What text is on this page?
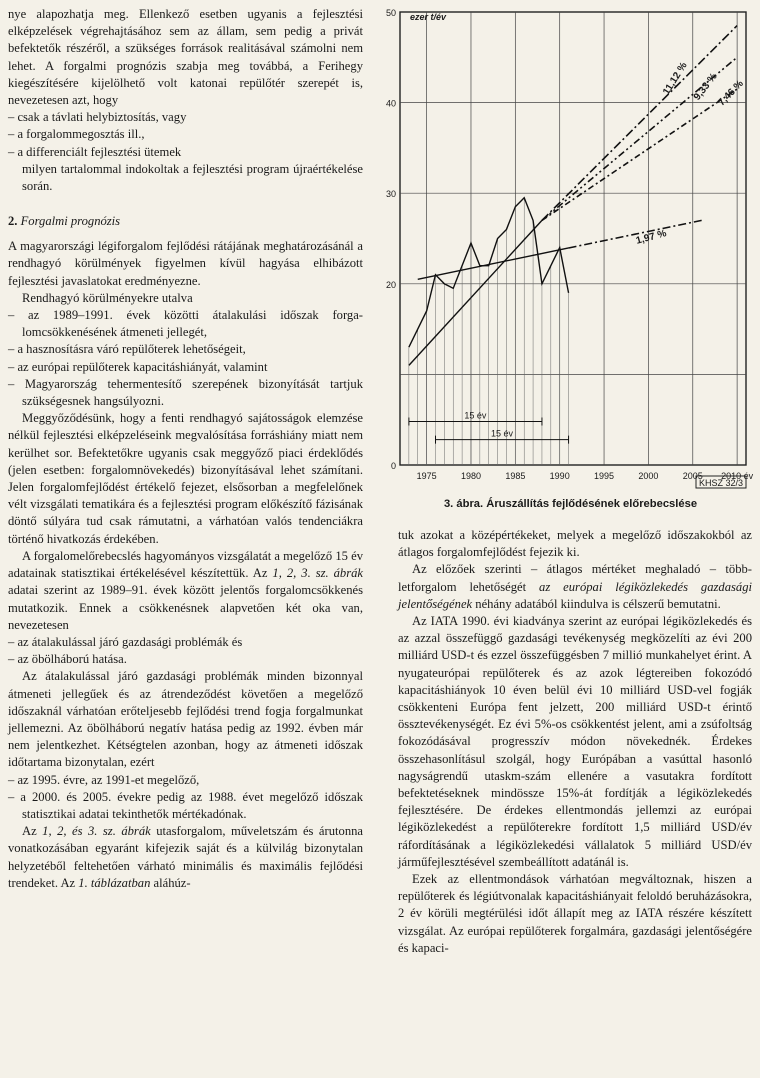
nye alapozhatja meg. Ellenkező esetben ugyanis a fejlesztési elképzelések végrehajtásához sem az állam, sem pedig a privát befektetők részéről, a szükséges források realitásával számolni nem lehet. A forgalmi prognózis szabja meg továbbá, a Ferihegy kiegészítésére kijelölhető volt katonai repülőtér szerepét is, nevezetesen azt, hogy

– csak a távlati helybiztosítás, vagy

– a forgalommegosztás ill.,

– a differenciált fejlesztési ütemek

milyen tartalommal indokoltak a fejlesztési program újraértékelése során.

2. Forgalmi prognózis

A magyarországi légiforgalom fejlődési rátájának meghatározásánál a rendhagyó körülmények figyelmen kívül hagyása elhibázott fejlesztési javaslatokat eredményezne.

Rendhagyó körülményekre utalva

– az 1989–1991. évek közötti átalakulási időszak forgalomcsökkenésének átmeneti jellegét,

– a hasznosításra váró repülőterek lehetőségeit,

– az európai repülőterek kapacitáshiányát, valamint

– Magyarország tehermentesítő szerepének bizonyítását tartjuk szükségesnek hangsúlyozni.

Meggyőződésünk, hogy a fenti rendhagyó sajátosságok elemzése nélkül fejlesztési elképzeléseink megvalósítása forráshiány miatt nem kerülhet sor. Befektetőkre ugyanis csak meggyőző piaci érdeklődés (jelen esetben: forgalomnövekedés) bizonyításával lehet számítani. Jelen forgalomfejlődést értékelő fejezet, elsősorban a megfelelőnek vélt vizsgálati tematikára és a fejlesztési program előkészítő fázisának döntő súlyára tud csak rámutatni, a várhatóan valós tendenciákra történő hivatkozás érdekében.

A forgalomelőrebecslés hagyományos vizsgálatát a megelőző 15 év adatainak statisztikai értékelésével készítettük. Az 1, 2, 3. sz. ábrák adatai szerint az 1989–91. évek között jelentős forgalomcsökkenés mutatkozik. Ennek a csökkenésnek alapvetően két oka van, nevezetesen

– az átalakulással járó gazdasági problémák és

– az öbölháború hatása.

Az átalakulással járó gazdasági problémák minden bizonnyal átmeneti jellegűek és az átrendeződést követően a megelőző időszaknál várhatóan erőteljesebb fejlődési trend fogja forgalmunkat jellemezni. Az öbölháború negatív hatása pedig az 1992. évben már nem jelentkezhet. Kétségtelen azonban, hogy az átmeneti időszak időtartama bizonytalan, ezért

– az 1995. évre, az 1991-et megelőző,

– a 2000. és 2005. évekre pedig az 1988. évet megelőző időszak statisztikai adatai tekinthetők mértékadónak.

Az 1, 2, és 3. sz. ábrák utasforgalom, műveletszám és árutonna vonatkozásában egyaránt kifejezik saját és a külvilág bizonytalan helyzetéből feltehetően várható minimális és maximális fejlődési trendeket. Az 1. táblázatban aláhúz-

tuk azokat a középértékeket, melyek a megelőző időszakokból az átlagos forgalomfejlődést fejezik ki.

Az előzőek szerinti – átlagos mértéket meghaladó – többletforgalom lehetőségét az európai légiközlekedés gazdasági jelentőségének néhány adatából kiindulva is célszerű bemutatni.

Az IATA 1990. évi kiadványa szerint az európai légiközlekedés és az azzal összefüggő gazdasági tevékenység megközelíti az évi 200 milliárd USD-t és ezzel összefüggésben 7 millió munkahelyet érint. A nyugateurópai repülőterek és az azok légtereiben fokozódó kapacitáshiányok 10 éven belül évi 10 milliárd USD-vel fogják csökkenteni Európa fent jelzett, 200 milliárd USD-t érintő össztevékenységét. Ez évi 5%-os csökkentést jelent, ami a zsúfoltság fokozódásával progresszív módon növekednék. Érdekes összehasonlításul szolgál, hogy Európában a vasúttal hasonló nagyságrendű utaskm-szám ellenére a vasutakra fordított befektetéseknek mindössze 15%-át fordítják a légiközlekedés fejlesztésére. De érdekes ellentmondás jellemzi az európai légiközlekedést a repülőterekre fordított 1,5 milliárd USD/év ráfordításának a légiközlekedési vállalatok 5 milliárd USD/év járműfejlesztésével szembeállított adatánál is.

Ezek az ellentmondások várhatóan megváltoznak, hiszen a repülőterek és légiútvonalak kapacitáshiányait feloldó beruházásokra, 2 év körüli megtérülési időt állapít meg az IATA részére készített vizsgálat. Az európai repülőterek forgalmára, gazdasági jelentőségére és kapaci-

0
20
30
40
50
1975	1980	1985	1990	1995	2000	2005 2010 év
ezer t/év
KHSZ 32/3
11,12 % 9,33 %
7,46 %
1,97 %
15 év
15 év
3. ábra. Áruszállítás fejlődésének előrebecslése
